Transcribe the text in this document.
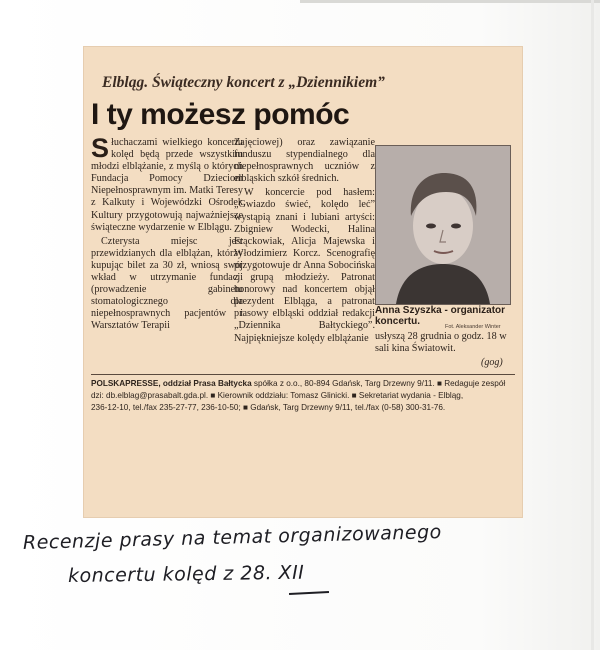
Elbląg. Świąteczny koncert z „Dziennikiem”
I ty możesz pomóc

Słuchaczami wielkiego koncertu kolęd będą przede wszystkim młodzi elblążanie, z myślą o których Fundacja Pomocy Dzieciom Niepełnosprawnym im. Matki Teresy z Kalkuty i Wojewódzki Ośrodek Kultury przygotowują najważniejsze świąteczne wydarzenie w Elblągu.

Czterysta miejsc jest przewidzianych dla elblążan, którzy kupując bilet za 30 zł, wniosą swój wkład w utrzymanie fundacji (prowadzenie gabinetu stomatologicznego dla niepełnosprawnych pacjentów i Warsztatów Terapii

Zajęciowej) oraz zawiązanie funduszu stypendialnego dla niepełnosprawnych uczniów z elbląskich szkół średnich.

W koncercie pod hasłem: „Gwiazdo świeć, kolędo leć” wystąpią znani i lubiani artyści: Zbigniew Wodecki, Halina Frąckowiak, Alicja Majewska i Włodzimierz Korcz. Scenografię przygotowuje dr Anna Sobocińska z grupą młodzieży. Patronat honorowy nad koncertem objął prezydent Elbląga, a patronat prasowy elbląski oddział redakcji „Dziennika Bałtyckiego”. Najpiękniejsze kolędy elblążanie

Anna Szyszka - organizator koncertu.	Fot. Aleksander Winter
usłyszą 28 grudnia o godz. 18 w sali kina Światowit.
(gog)
POLSKAPRESSE, oddział Prasa Bałtycka spółka z o.o., 80-894 Gdańsk, Targ Drzewny 9/11. ■ Redaguje zespół
dzi: db.elblag@prasabalt.gda.pl. ■ Kierownik oddziału: Tomasz Glinicki. ■ Sekretariat wydania - Elbląg,
236-12-10, tel./fax 235-27-77, 236-10-50; ■ Gdańsk, Targ Drzewny 9/11, tel./fax (0-58) 300-31-76.
Recenzje prasy na temat organizowanego
koncertu kolęd z 28. XII
